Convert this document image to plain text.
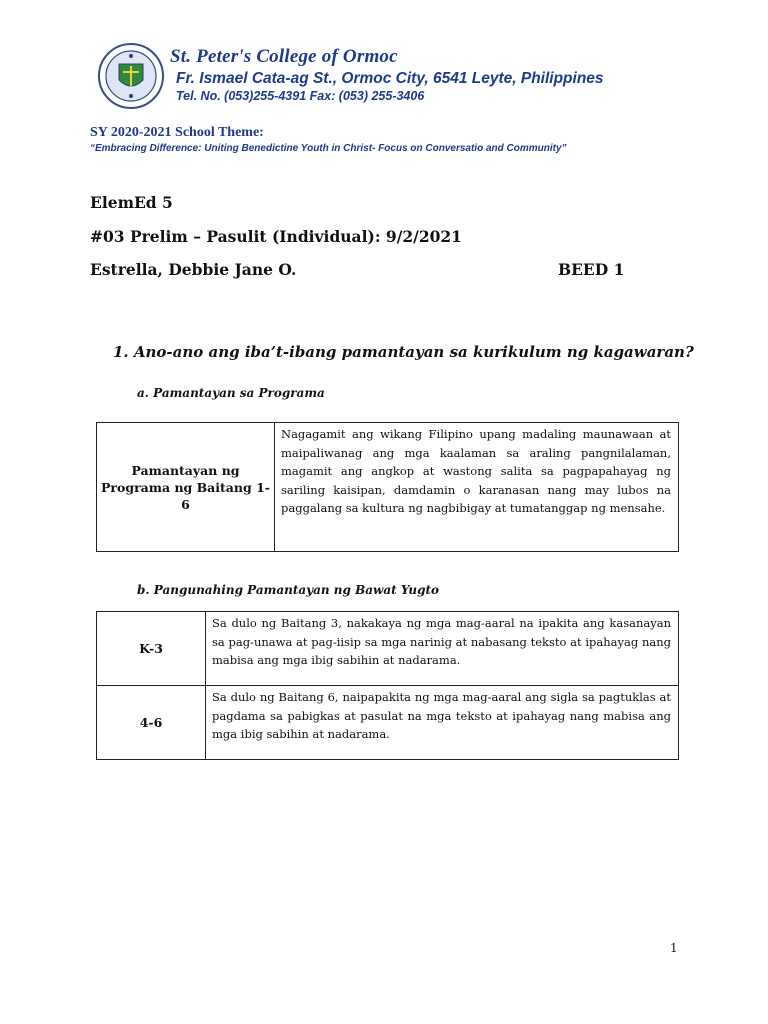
St. Peter's College of Ormoc
Fr. Ismael Cata-ag St., Ormoc City, 6541 Leyte, Philippines
Tel. No. (053)255-4391 Fax: (053) 255-3406
SY 2020-2021 School Theme:
“Embracing Difference: Uniting Benedictine Youth in Christ- Focus on Conversatio and Community”
ElemEd 5
#03 Prelim – Pasulit (Individual): 9/2/2021
Estrella, Debbie Jane O.	BEED 1
1. Ano-ano ang iba’t-ibang pamantayan sa kurikulum ng kagawaran?
a. Pamantayan sa Programa
Pamantayan ng Programa ng Baitang 1-6	Nagagamit ang wikang Filipino upang madaling maunawaan at maipaliwanag ang mga kaalaman sa araling pangnilalaman, magamit ang angkop at wastong salita sa pagpapahayag ng sariling kaisipan, damdamin o karanasan nang may lubos na paggalang sa kultura ng nagbibigay at tumatanggap ng mensahe.
b. Pangunahing Pamantayan ng Bawat Yugto
K-3	Sa dulo ng Baitang 3, nakakaya ng mga mag-aaral na ipakita ang kasanayan sa pag-unawa at pag-iisip sa mga narinig at nabasang teksto at ipahayag nang mabisa ang mga ibig sabihin at nadarama.
4-6	Sa dulo ng Baitang 6, naipapakita ng mga mag-aaral ang sigla sa pagtuklas at pagdama sa pabigkas at pasulat na mga teksto at ipahayag nang mabisa ang mga ibig sabihin at nadarama.
1
